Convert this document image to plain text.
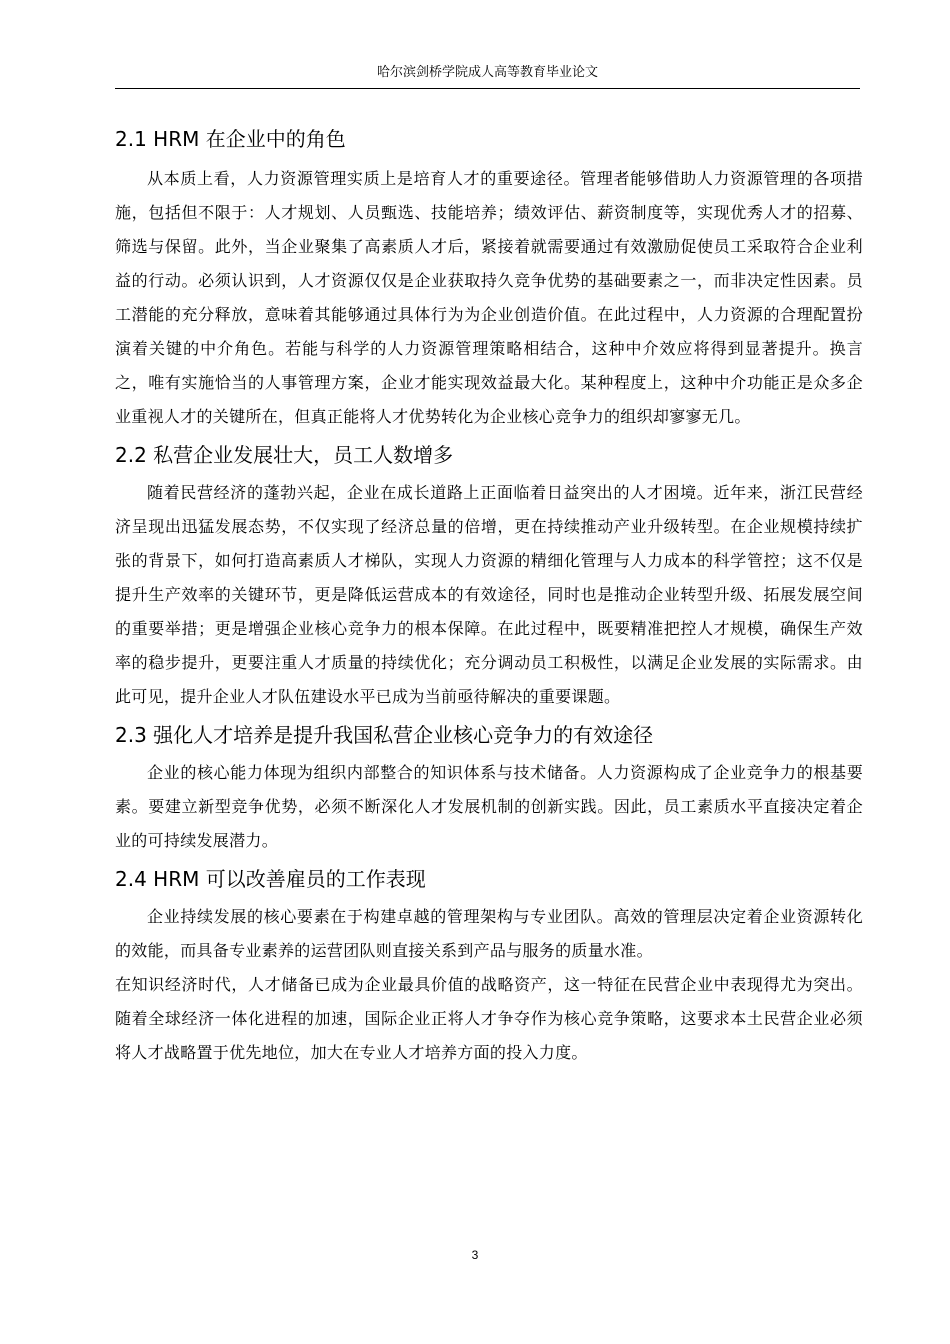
哈尔滨剑桥学院成人高等教育毕业论文
2.1 HRM 在企业中的角色

从本质上看，人力资源管理实质上是培育人才的重要途径。管理者能够借助人力资源管理的各项措施，包括但不限于：人才规划、人员甄选、技能培养；绩效评估、薪资制度等，实现优秀人才的招募、筛选与保留。此外，当企业聚集了高素质人才后，紧接着就需要通过有效激励促使员工采取符合企业利益的行动。必须认识到，人才资源仅仅是企业获取持久竞争优势的基础要素之一，而非决定性因素。员工潜能的充分释放，意味着其能够通过具体行为为企业创造价值。在此过程中，人力资源的合理配置扮演着关键的中介角色。若能与科学的人力资源管理策略相结合，这种中介效应将得到显著提升。换言之，唯有实施恰当的人事管理方案，企业才能实现效益最大化。某种程度上，这种中介功能正是众多企业重视人才的关键所在，但真正能将人才优势转化为企业核心竞争力的组织却寥寥无几。

2.2 私营企业发展壮大，员工人数增多

随着民营经济的蓬勃兴起，企业在成长道路上正面临着日益突出的人才困境。近年来，浙江民营经济呈现出迅猛发展态势，不仅实现了经济总量的倍增，更在持续推动产业升级转型。在企业规模持续扩张的背景下，如何打造高素质人才梯队，实现人力资源的精细化管理与人力成本的科学管控；这不仅是提升生产效率的关键环节，更是降低运营成本的有效途径，同时也是推动企业转型升级、拓展发展空间的重要举措；更是增强企业核心竞争力的根本保障。在此过程中，既要精准把控人才规模，确保生产效率的稳步提升，更要注重人才质量的持续优化；充分调动员工积极性，以满足企业发展的实际需求。由此可见，提升企业人才队伍建设水平已成为当前亟待解决的重要课题。

2.3 强化人才培养是提升我国私营企业核心竞争力的有效途径

企业的核心能力体现为组织内部整合的知识体系与技术储备。人力资源构成了企业竞争力的根基要素。要建立新型竞争优势，必须不断深化人才发展机制的创新实践。因此，员工素质水平直接决定着企业的可持续发展潜力。

2.4 HRM 可以改善雇员的工作表现

企业持续发展的核心要素在于构建卓越的管理架构与专业团队。高效的管理层决定着企业资源转化的效能，而具备专业素养的运营团队则直接关系到产品与服务的质量水准。

在知识经济时代，人才储备已成为企业最具价值的战略资产，这一特征在民营企业中表现得尤为突出。随着全球经济一体化进程的加速，国际企业正将人才争夺作为核心竞争策略，这要求本土民营企业必须将人才战略置于优先地位，加大在专业人才培养方面的投入力度。

3
